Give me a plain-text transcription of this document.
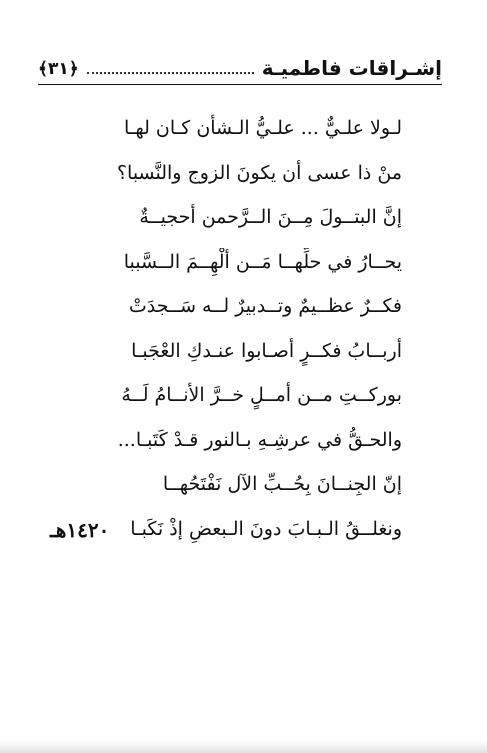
إشـراقات فاطميـة
﴿٣١﴾
لـولا علـيٌّ ... علـيُّ الـشأن كـان لهـا
منْ ذا عسى أن يكونَ الزوج والنَّسبا؟
إنَّ البتــولَ مِــنَ الــرَّحمن أُحجيــةٌ
يحــارُ في حلِّهــا مَــن أُلْهِــمَ الــسَّببا
فكــرٌ عظــيمٌ وتــدبيرٌ لــه سَــجدَتْ
أربــابُ فكــرٍ أصـابوا عنـدكِ العْجَبـا
بوركــتِ مــن أمــلٍ خــرَّ الأنــامُ لَــهُ
والحـقُّ في عرشِـهِ بـالنور قـدْ كَتَبـا...
إنّ الجِنــانَ بِحُــبِّ الآل نَفْتَحُهــا
ونغلــقُ الـبـابَ دونَ الـبعضِ إذْ نَكَبـا
١٤٢٠هـ
